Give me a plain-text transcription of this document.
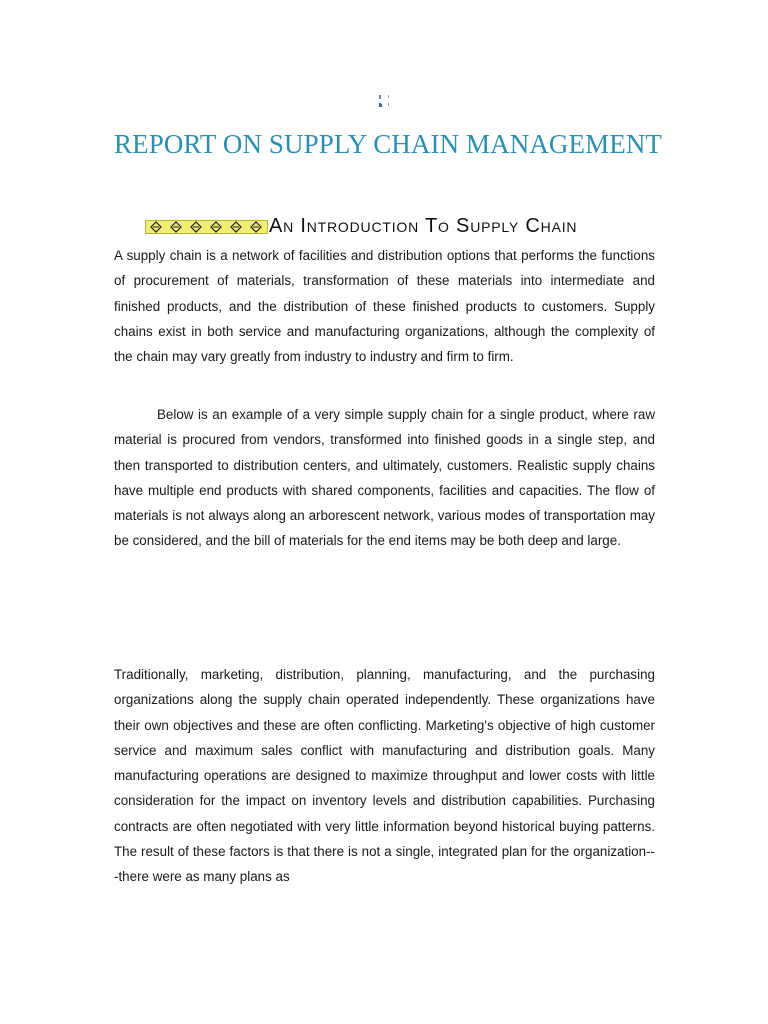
REPORT ON SUPPLY CHAIN MANAGEMENT
An Introduction To Supply Chain

A supply chain is a network of facilities and distribution options that performs the functions of procurement of materials, transformation of these materials into intermediate and finished products, and the distribution of these finished products to customers. Supply chains exist in both service and manufacturing organizations, although the complexity of the chain may vary greatly from industry to industry and firm to firm.

Below is an example of a very simple supply chain for a single product, where raw material is procured from vendors, transformed into finished goods in a single step, and then transported to distribution centers, and ultimately, customers. Realistic supply chains have multiple end products with shared components, facilities and capacities. The flow of materials is not always along an arborescent network, various modes of transportation may be considered, and the bill of materials for the end items may be both deep and large.

Traditionally, marketing, distribution, planning, manufacturing, and the purchasing organizations along the supply chain operated independently. These organizations have their own objectives and these are often conflicting. Marketing's objective of high customer service and maximum sales conflict with manufacturing and distribution goals. Many manufacturing operations are designed to maximize throughput and lower costs with little consideration for the impact on inventory levels and distribution capabilities. Purchasing contracts are often negotiated with very little information beyond historical buying patterns. The result of these factors is that there is not a single, integrated plan for the organization---there were as many plans as
